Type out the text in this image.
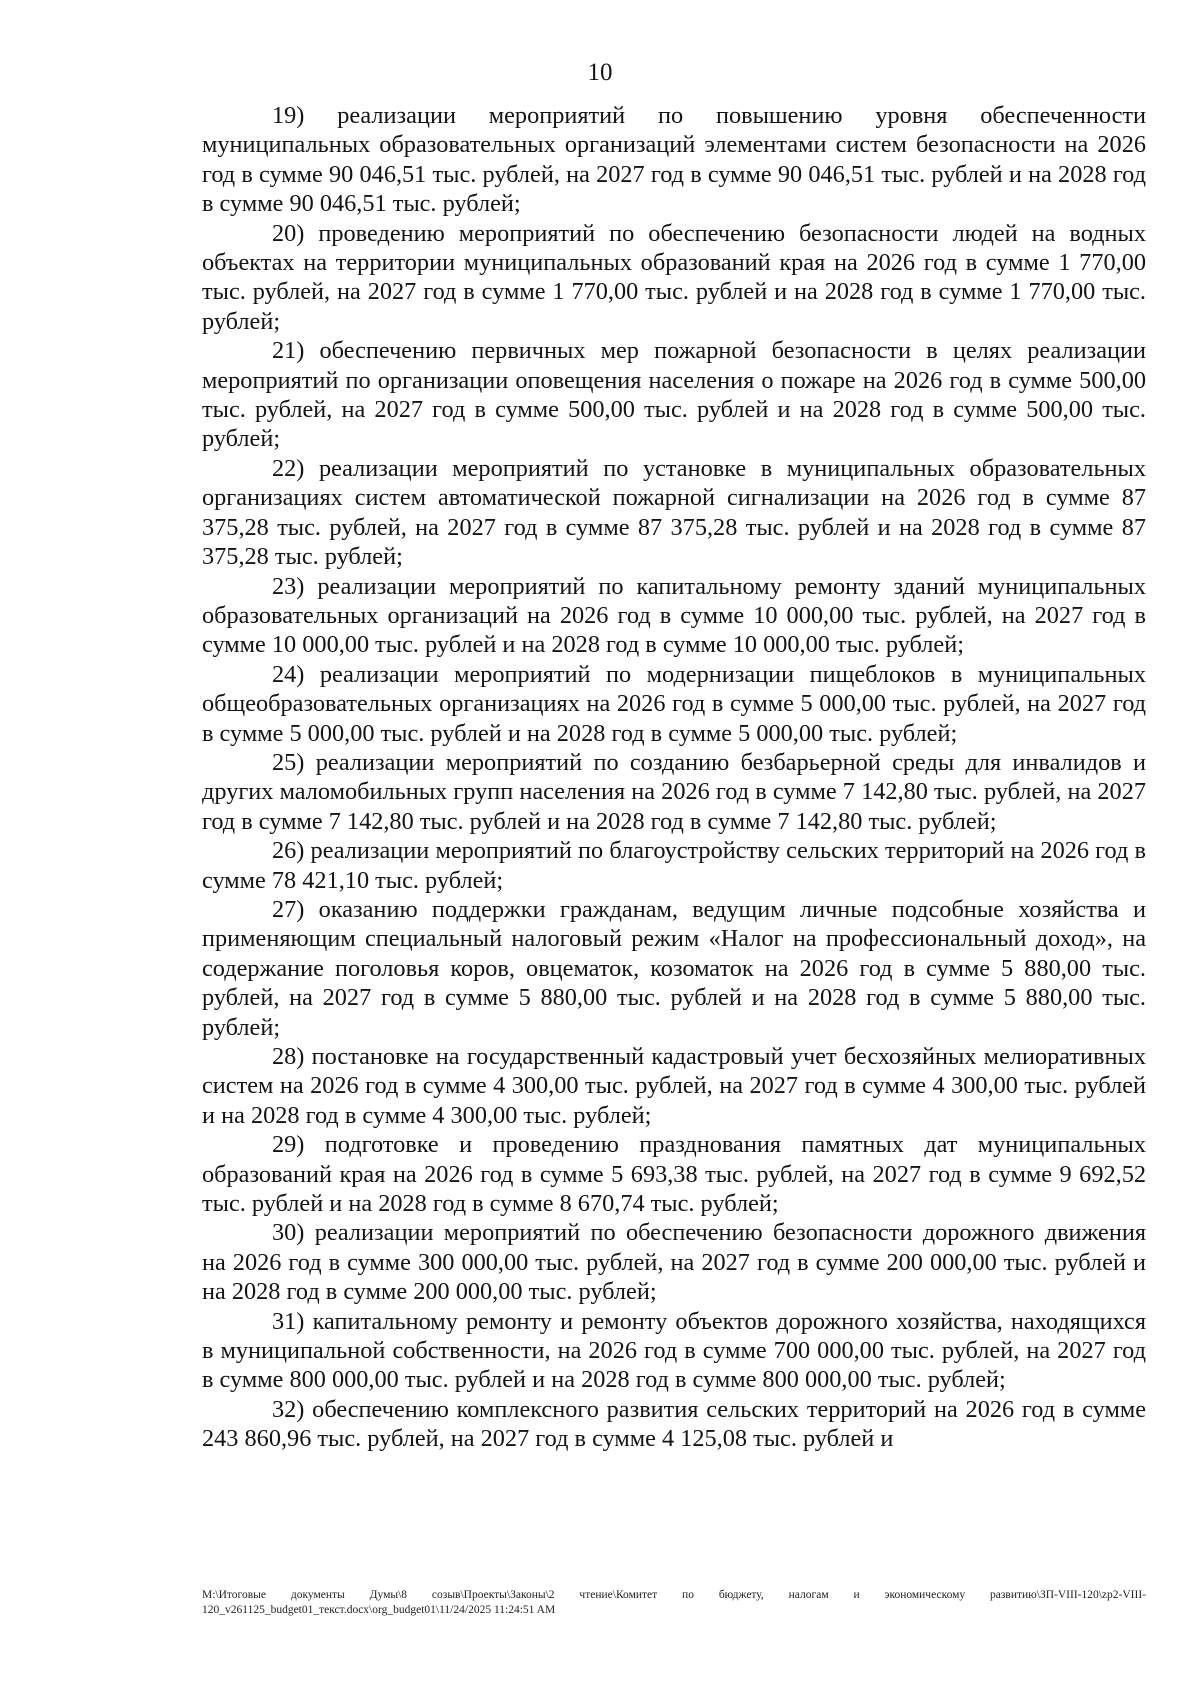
10

19) реализации мероприятий по повышению уровня обеспеченности муниципальных образовательных организаций элементами систем безопасности на 2026 год в сумме 90 046,51 тыс. рублей, на 2027 год в сумме 90 046,51 тыс. рублей и на 2028 год в сумме 90 046,51 тыс. рублей;

20) проведению мероприятий по обеспечению безопасности людей на водных объектах на территории муниципальных образований края на 2026 год в сумме 1 770,00 тыс. рублей, на 2027 год в сумме 1 770,00 тыс. рублей и на 2028 год в сумме 1 770,00 тыс. рублей;

21) обеспечению первичных мер пожарной безопасности в целях реализации мероприятий по организации оповещения населения о пожаре на 2026 год в сумме 500,00 тыс. рублей, на 2027 год в сумме 500,00 тыс. рублей и на 2028 год в сумме 500,00 тыс. рублей;

22) реализации мероприятий по установке в муниципальных образовательных организациях систем автоматической пожарной сигнализации на 2026 год в сумме 87 375,28 тыс. рублей, на 2027 год в сумме 87 375,28 тыс. рублей и на 2028 год в сумме 87 375,28 тыс. рублей;

23) реализации мероприятий по капитальному ремонту зданий муниципальных образовательных организаций на 2026 год в сумме 10 000,00 тыс. рублей, на 2027 год в сумме 10 000,00 тыс. рублей и на 2028 год в сумме 10 000,00 тыс. рублей;

24) реализации мероприятий по модернизации пищеблоков в муниципальных общеобразовательных организациях на 2026 год в сумме 5 000,00 тыс. рублей, на 2027 год в сумме 5 000,00 тыс. рублей и на 2028 год в сумме 5 000,00 тыс. рублей;

25) реализации мероприятий по созданию безбарьерной среды для инвалидов и других маломобильных групп населения на 2026 год в сумме 7 142,80 тыс. рублей, на 2027 год в сумме 7 142,80 тыс. рублей и на 2028 год в сумме 7 142,80 тыс. рублей;

26) реализации мероприятий по благоустройству сельских территорий на 2026 год в сумме 78 421,10 тыс. рублей;

27) оказанию поддержки гражданам, ведущим личные подсобные хозяйства и применяющим специальный налоговый режим «Налог на профессиональный доход», на содержание поголовья коров, овцематок, козоматок на 2026 год в сумме 5 880,00 тыс. рублей, на 2027 год в сумме 5 880,00 тыс. рублей и на 2028 год в сумме 5 880,00 тыс. рублей;

28) постановке на государственный кадастровый учет бесхозяйных мелиоративных систем на 2026 год в сумме 4 300,00 тыс. рублей, на 2027 год в сумме 4 300,00 тыс. рублей и на 2028 год в сумме 4 300,00 тыс. рублей;

29) подготовке и проведению празднования памятных дат муниципальных образований края на 2026 год в сумме 5 693,38 тыс. рублей, на 2027 год в сумме 9 692,52 тыс. рублей и на 2028 год в сумме 8 670,74 тыс. рублей;

30) реализации мероприятий по обеспечению безопасности дорожного движения на 2026 год в сумме 300 000,00 тыс. рублей, на 2027 год в сумме 200 000,00 тыс. рублей и на 2028 год в сумме 200 000,00 тыс. рублей;

31) капитальному ремонту и ремонту объектов дорожного хозяйства, находящихся в муниципальной собственности, на 2026 год в сумме 700 000,00 тыс. рублей, на 2027 год в сумме 800 000,00 тыс. рублей и на 2028 год в сумме 800 000,00 тыс. рублей;

32) обеспечению комплексного развития сельских территорий на 2026 год в сумме 243 860,96 тыс. рублей, на 2027 год в сумме 4 125,08 тыс. рублей и

M:\Итоговые документы Думы\8 созыв\Проекты\Законы\2 чтение\Комитет по бюджету, налогам и экономическому развитию\ЗП-VIII-120\zp2-VIII-120_v261125_budget01_текст.docx\org_budget01\11/24/2025 11:24:51 AM
